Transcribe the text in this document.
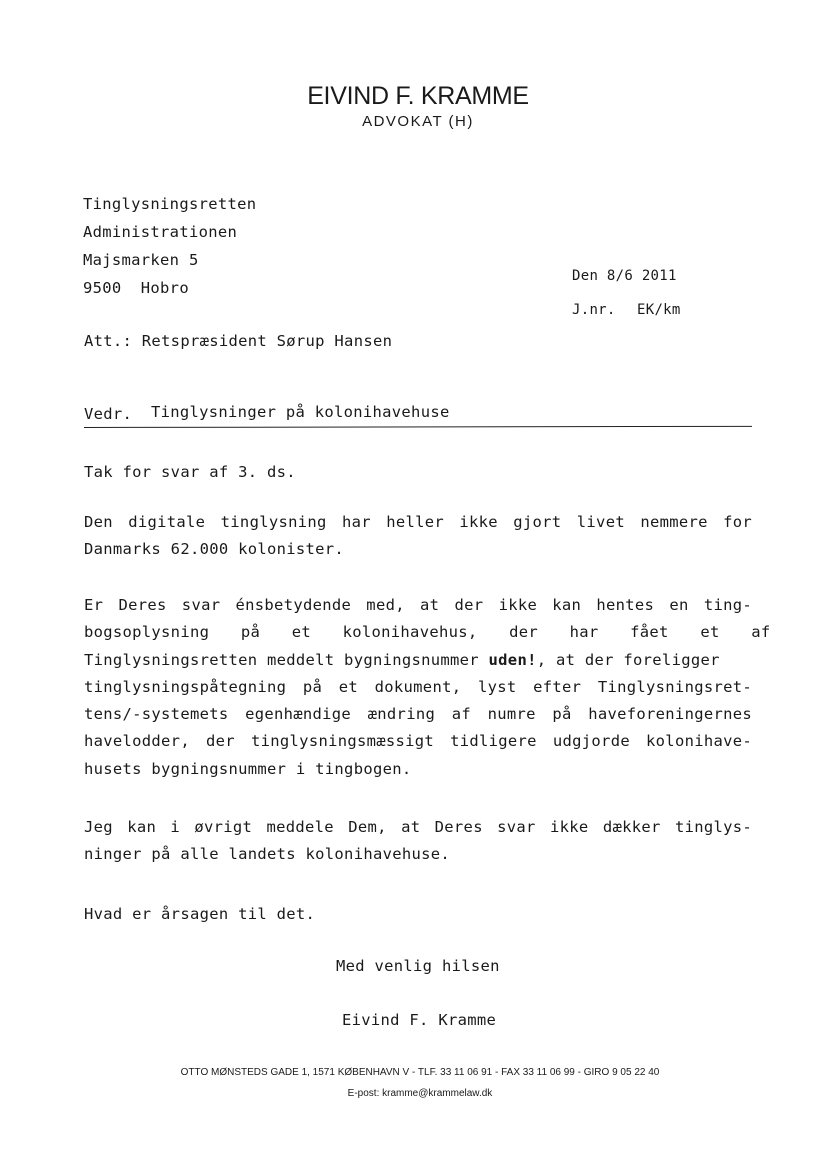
EIVIND F. KRAMME
ADVOKAT (H)
Tinglysningsretten
Administrationen
Majsmarken 5
9500  Hobro
Den 8/6 2011
J.nr. EK/km
Att.: Retspræsident Sørup Hansen
Vedr. Tinglysninger på kolonihavehuse
Tak for svar af 3. ds.
Den digitale tinglysning har heller ikke gjort livet nemmere for
Danmarks 62.000 kolonister.
Er Deres svar énsbetydende med, at der ikke kan hentes en ting-
bogsoplysning på et kolonihavehus, der har fået et af
Tinglysningsretten meddelt bygningsnummer uden!, at der foreligger
tinglysningspåtegning på et dokument, lyst efter Tinglysningsret-
tens/-systemets egenhændige ændring af numre på haveforeningernes
havelodder, der tinglysningsmæssigt tidligere udgjorde kolonihave-
husets bygningsnummer i tingbogen.
Jeg kan i øvrigt meddele Dem, at Deres svar ikke dækker tinglys-
ninger på alle landets kolonihavehuse.
Hvad er årsagen til det.
Med venlig hilsen
Eivind F. Kramme
OTTO MØNSTEDS GADE 1, 1571 KØBENHAVN V - TLF. 33 11 06 91 - FAX 33 11 06 99 - GIRO 9 05 22 40
E-post: kramme@krammelaw.dk
